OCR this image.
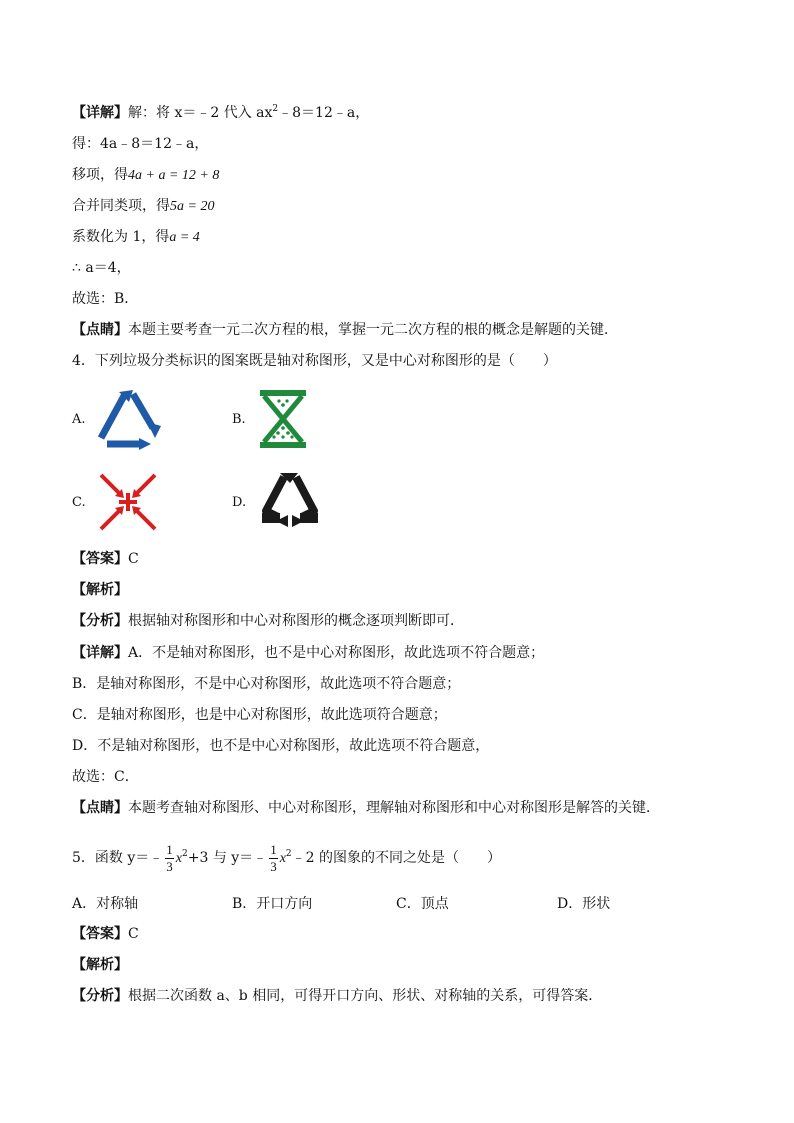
【详解】解：将 x＝﹣2 代入 $ax^2﹣8=12﹣a$，
得：4a﹣8＝12﹣a，
移项，得4a + a = 12 + 8
合并同类项，得5a = 20
系数化为 1，得a = 4
∴ a＝4，
故选：B．
【点睛】本题主要考查一元二次方程的根，掌握一元二次方程的根的概念是解题的关键．
4．下列垃圾分类标识的图案既是轴对称图形，又是中心对称图形的是（　　）
A.	B.
C.	D.
【答案】C
【解析】
【分析】根据轴对称图形和中心对称图形的概念逐项判断即可．
【详解】A．不是轴对称图形，也不是中心对称图形，故此选项不符合题意；
B．是轴对称图形，不是中心对称图形，故此选项不符合题意；
C．是轴对称图形，也是中心对称图形，故此选项符合题意；
D．不是轴对称图形，也不是中心对称图形，故此选项不符合题意，
故选：C．
【点睛】本题考查轴对称图形、中心对称图形，理解轴对称图形和中心对称图形是解答的关键．
5．函数 y＝﹣ $\frac{1}{3} x^2+3$ 与 y＝﹣ $\frac{1}{3}$ $x^2﹣2$ 的图象的不同之处是（　　）
A．对称轴	B．开口方向	C．顶点	D．形状
【答案】C
【解析】
【分析】根据二次函数 a、b 相同，可得开口方向、形状、对称轴的关系，可得答案．
